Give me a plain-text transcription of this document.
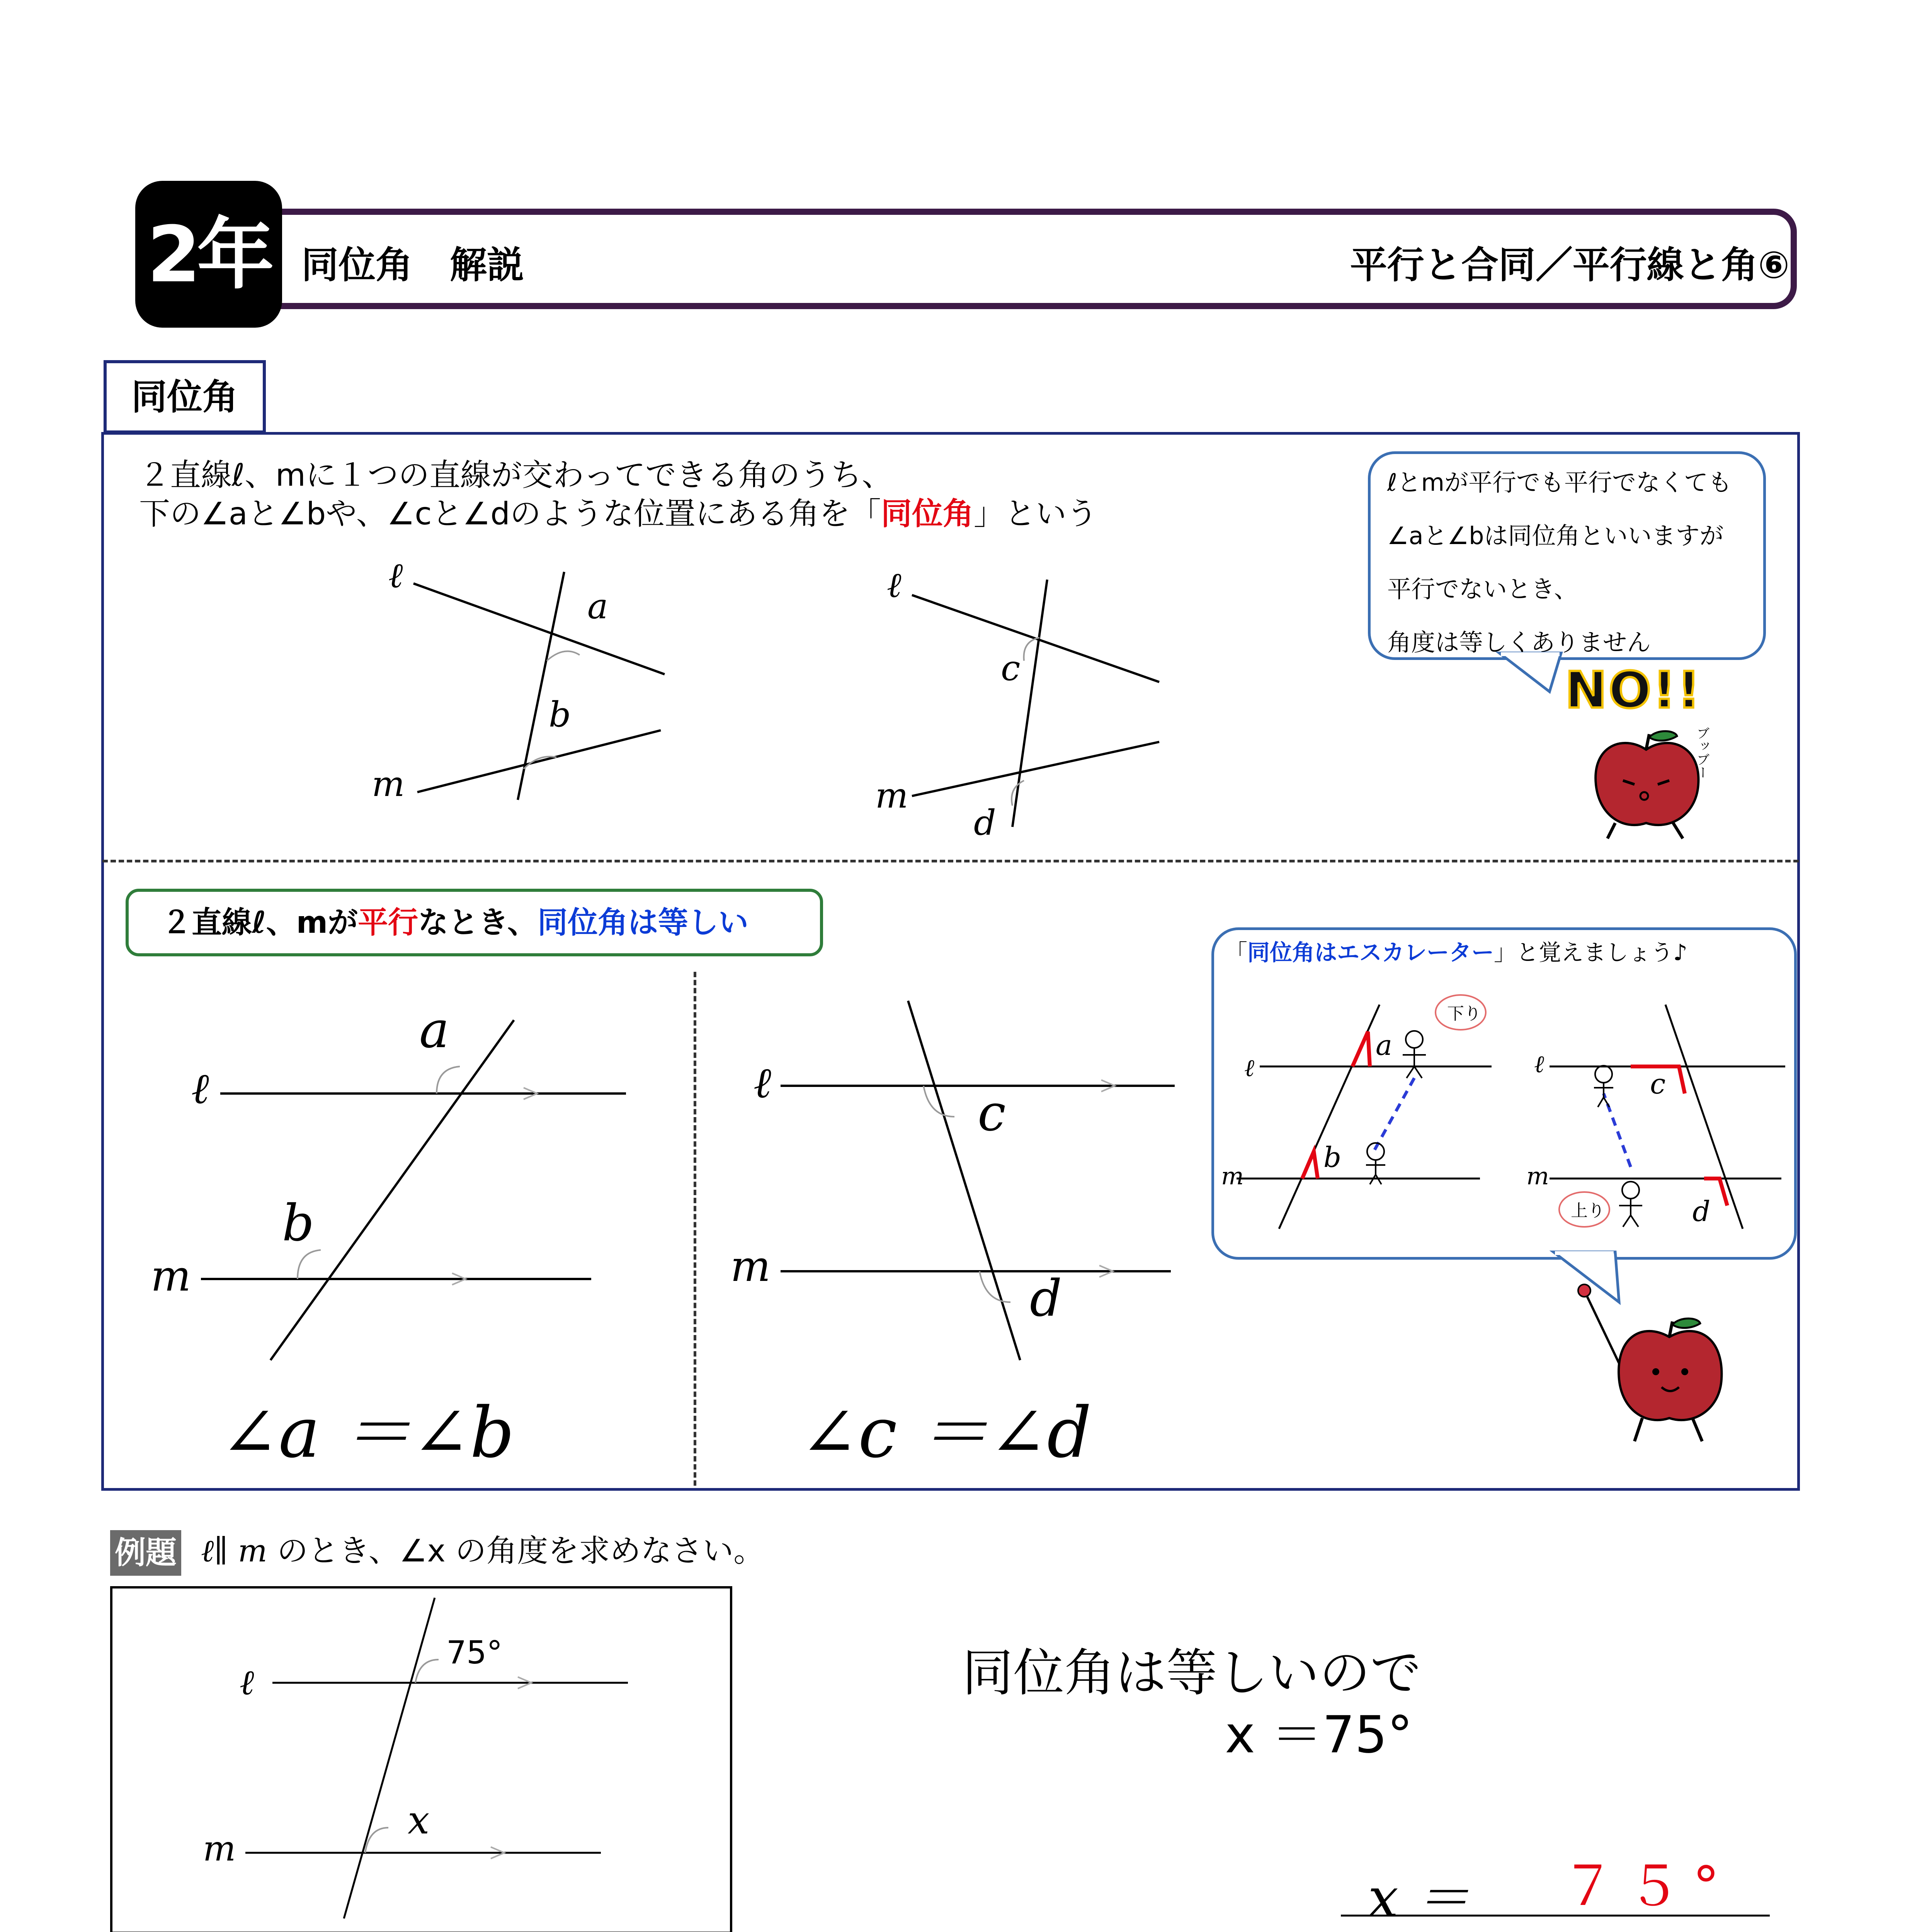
2年 同位角　解説	平行と合同／平行線と角⑥
同位角
２直線ℓ、mに１つの直線が交わってできる角のうち、
下の∠aと∠bや、∠cと∠dのような位置にある角を「同位角」という
ℓ
m
a
b
ℓ
m
c
d
ℓとmが平行でも平行でなくても
∠aと∠bは同位角といいますが
平行でないとき、
角度は等しくありません
NO!!
ブッブー
２直線ℓ、mが平行なとき、同位角は等しい
ℓ
m
a
b
∠a ＝∠b
ℓ
m
c
d
∠c ＝∠d
「同位角はエスカレーター」と覚えましょう♪
ℓ
m
a
b
下り
ℓ
m
c
d
上り
例題 ℓ∥ m のとき、∠x の角度を求めなさい。
ℓ
m
75°
x
同位角は等しいので
x ＝75°
x ＝ ７５°
